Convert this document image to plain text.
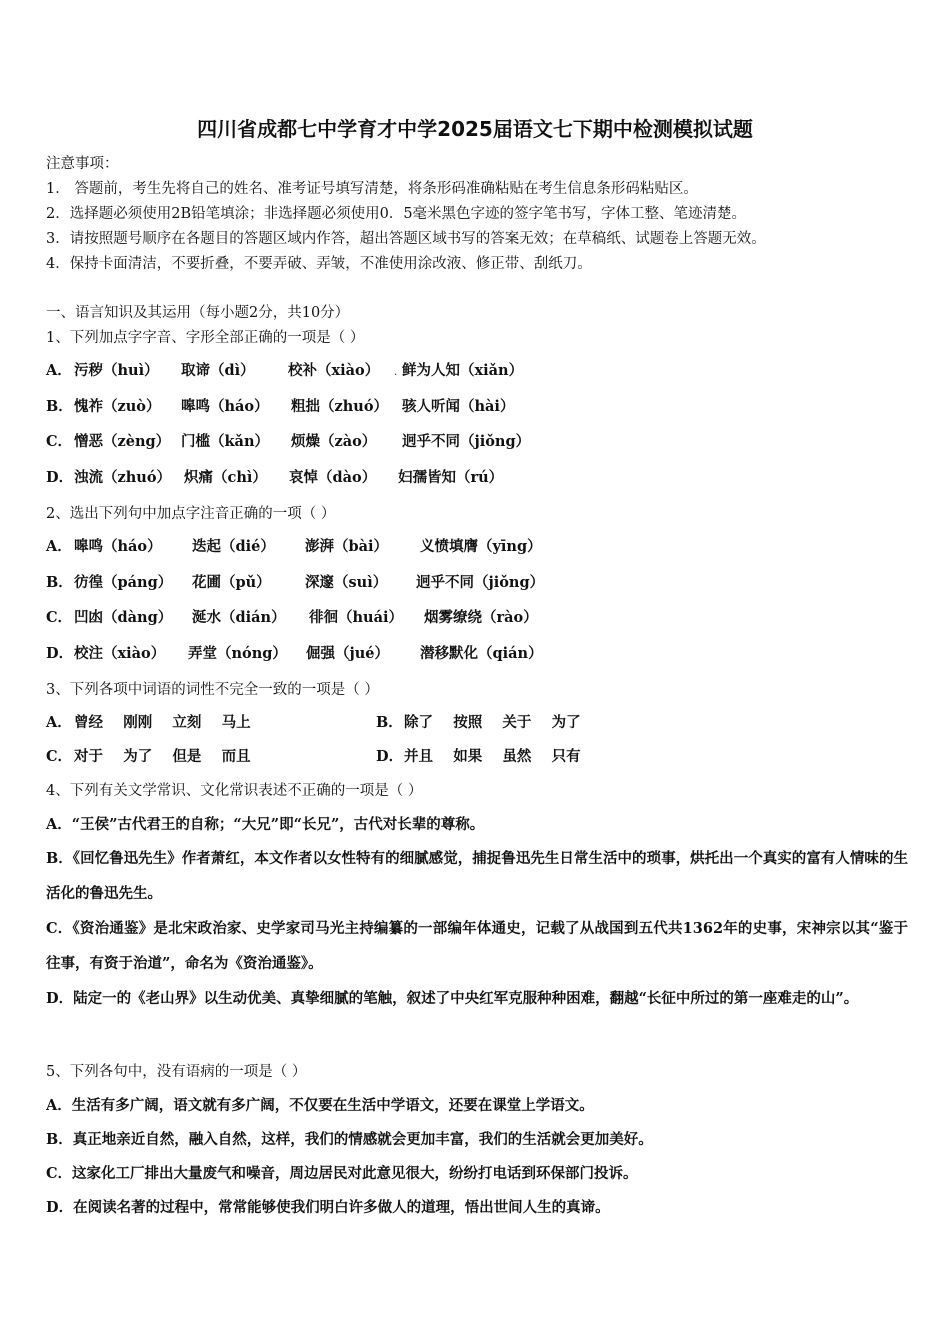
四川省成都七中学育才中学2025届语文七下期中检测模拟试题
注意事项：
1． 答题前，考生先将自己的姓名、准考证号填写清楚，将条形码准确粘贴在考生信息条形码粘贴区。
2．选择题必须使用2B铅笔填涂；非选择题必须使用0．5毫米黑色字迹的签字笔书写，字体工整、笔迹清楚。
3．请按照题号顺序在各题目的答题区域内作答，超出答题区域书写的答案无效；在草稿纸、试题卷上答题无效。
4．保持卡面清洁，不要折叠，不要弄破、弄皱，不准使用涂改液、修正带、刮纸刀。
一、语言知识及其运用（每小题2分，共10分）
1、下列加点字字音、字形全部正确的一项是（ ）
A． 污秽（huì） 取谛（dì） 校补（xiào） . 鲜为人知（xiǎn）
B． 愧祚（zuò） 嗥鸣（háo） 粗拙（zhuó） 骇人听闻（hài）
C． 憎恶（zèng） 门槛（kǎn） 烦燥（zào） 迥乎不同（jiǒng）
D． 浊流（zhuó） 炽痛（chì） 哀悼（dào） 妇孺皆知（rú）
2、选出下列句中加点字注音正确的一项（ ）
A． 嗥鸣（háo） 迭起（dié） 澎湃（bài） 义愤填膺（yīng）
B． 彷徨（páng） 花圃（pǔ） 深邃（suì） 迥乎不同（jiǒng）
C． 凹凼（dàng） 涎水（dián） 徘徊（huái） 烟雾缭绕（rào）
D． 校注（xiào） 弄堂（nóng） 倔强（jué） 潜移默化（qián）
3、下列各项中词语的词性不完全一致的一项是（ ）
A． 曾经    刚刚    立刻    马上	B． 除了    按照    关于    为了
C． 对于    为了    但是    而且	D． 并且    如果    虽然    只有
4、下列有关文学常识、文化常识表述不正确的一项是（ ）
A．“王侯”古代君王的自称；“大兄”即“长兄”，古代对长辈的尊称。
B．《回忆鲁迅先生》作者萧红，本文作者以女性特有的细腻感觉，捕捉鲁迅先生日常生活中的琐事，烘托出一个真实的富有人情味的生活化的鲁迅先生。
C．《资治通鉴》是北宋政治家、史学家司马光主持编纂的一部编年体通史，记载了从战国到五代共1362年的史事，宋神宗以其“鉴于往事，有资于治道”，命名为《资治通鉴》。
D．陆定一的《老山界》以生动优美、真挚细腻的笔触，叙述了中央红军克服种种困难，翻越“长征中所过的第一座难走的山”。
5、下列各句中，没有语病的一项是（ ）
A．生活有多广阔，语文就有多广阔，不仅要在生活中学语文，还要在课堂上学语文。
B．真正地亲近自然，融入自然，这样，我们的情感就会更加丰富，我们的生活就会更加美好。
C．这家化工厂排出大量废气和噪音，周边居民对此意见很大，纷纷打电话到环保部门投诉。
D．在阅读名著的过程中，常常能够使我们明白许多做人的道理，悟出世间人生的真谛。
